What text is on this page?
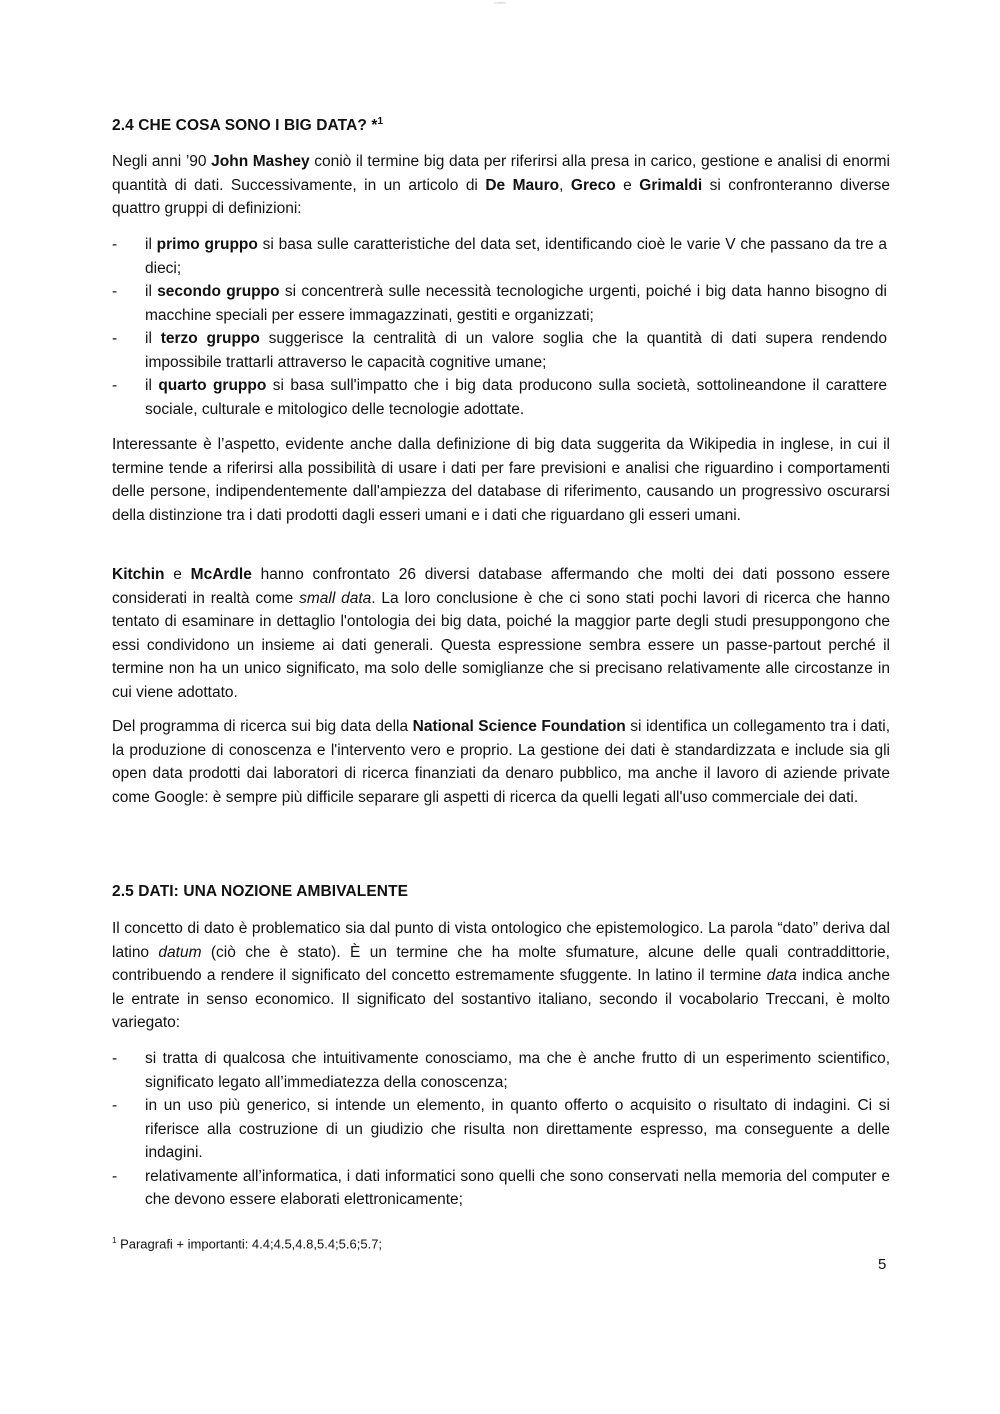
Lorem
2.4 CHE COSA SONO I BIG DATA? *$^1$

Negli anni ’90 John Mashey coniò il termine big data per riferirsi alla presa in carico, gestione e analisi di enormi quantità di dati. Successivamente, in un articolo di De Mauro, Greco e Grimaldi si confronteranno diverse quattro gruppi di definizioni:

- il primo gruppo si basa sulle caratteristiche del data set, identificando cioè le varie V che passano da tre a dieci;
- il secondo gruppo si concentrerà sulle necessità tecnologiche urgenti, poiché i big data hanno bisogno di macchine speciali per essere immagazzinati, gestiti e organizzati;
- il terzo gruppo suggerisce la centralità di un valore soglia che la quantità di dati supera rendendo impossibile trattarli attraverso le capacità cognitive umane;
- il quarto gruppo si basa sull'impatto che i big data producono sulla società, sottolineandone il carattere sociale, culturale e mitologico delle tecnologie adottate.

Interessante è l’aspetto, evidente anche dalla definizione di big data suggerita da Wikipedia in inglese, in cui il termine tende a riferirsi alla possibilità di usare i dati per fare previsioni e analisi che riguardino i comportamenti delle persone, indipendentemente dall'ampiezza del database di riferimento, causando un progressivo oscurarsi della distinzione tra i dati prodotti dagli esseri umani e i dati che riguardano gli esseri umani.

Kitchin e McArdle hanno confrontato 26 diversi database affermando che molti dei dati possono essere considerati in realtà come small data. La loro conclusione è che ci sono stati pochi lavori di ricerca che hanno tentato di esaminare in dettaglio l'ontologia dei big data, poiché la maggior parte degli studi presuppongono che essi condividono un insieme ai dati generali. Questa espressione sembra essere un passe-partout perché il termine non ha un unico significato, ma solo delle somiglianze che si precisano relativamente alle circostanze in cui viene adottato.

Del programma di ricerca sui big data della National Science Foundation si identifica un collegamento tra i dati, la produzione di conoscenza e l'intervento vero e proprio. La gestione dei dati è standardizzata e include sia gli open data prodotti dai laboratori di ricerca finanziati da denaro pubblico, ma anche il lavoro di aziende private come Google: è sempre più difficile separare gli aspetti di ricerca da quelli legati all'uso commerciale dei dati.

2.5 DATI: UNA NOZIONE AMBIVALENTE

Il concetto di dato è problematico sia dal punto di vista ontologico che epistemologico. La parola “dato” deriva dal latino datum (ciò che è stato). È un termine che ha molte sfumature, alcune delle quali contraddittorie, contribuendo a rendere il significato del concetto estremamente sfuggente. In latino il termine data indica anche le entrate in senso economico. Il significato del sostantivo italiano, secondo il vocabolario Treccani, è molto variegato:

- si tratta di qualcosa che intuitivamente conosciamo, ma che è anche frutto di un esperimento scientifico, significato legato all’immediatezza della conoscenza;
- in un uso più generico, si intende un elemento, in quanto offerto o acquisito o risultato di indagini. Ci si riferisce alla costruzione di un giudizio che risulta non direttamente espresso, ma conseguente a delle indagini.
- relativamente all’informatica, i dati informatici sono quelli che sono conservati nella memoria del computer e che devono essere elaborati elettronicamente;
$^1$ Paragrafi + importanti: 4.4;4.5,4.8,5.4;5.6;5.7;
5
